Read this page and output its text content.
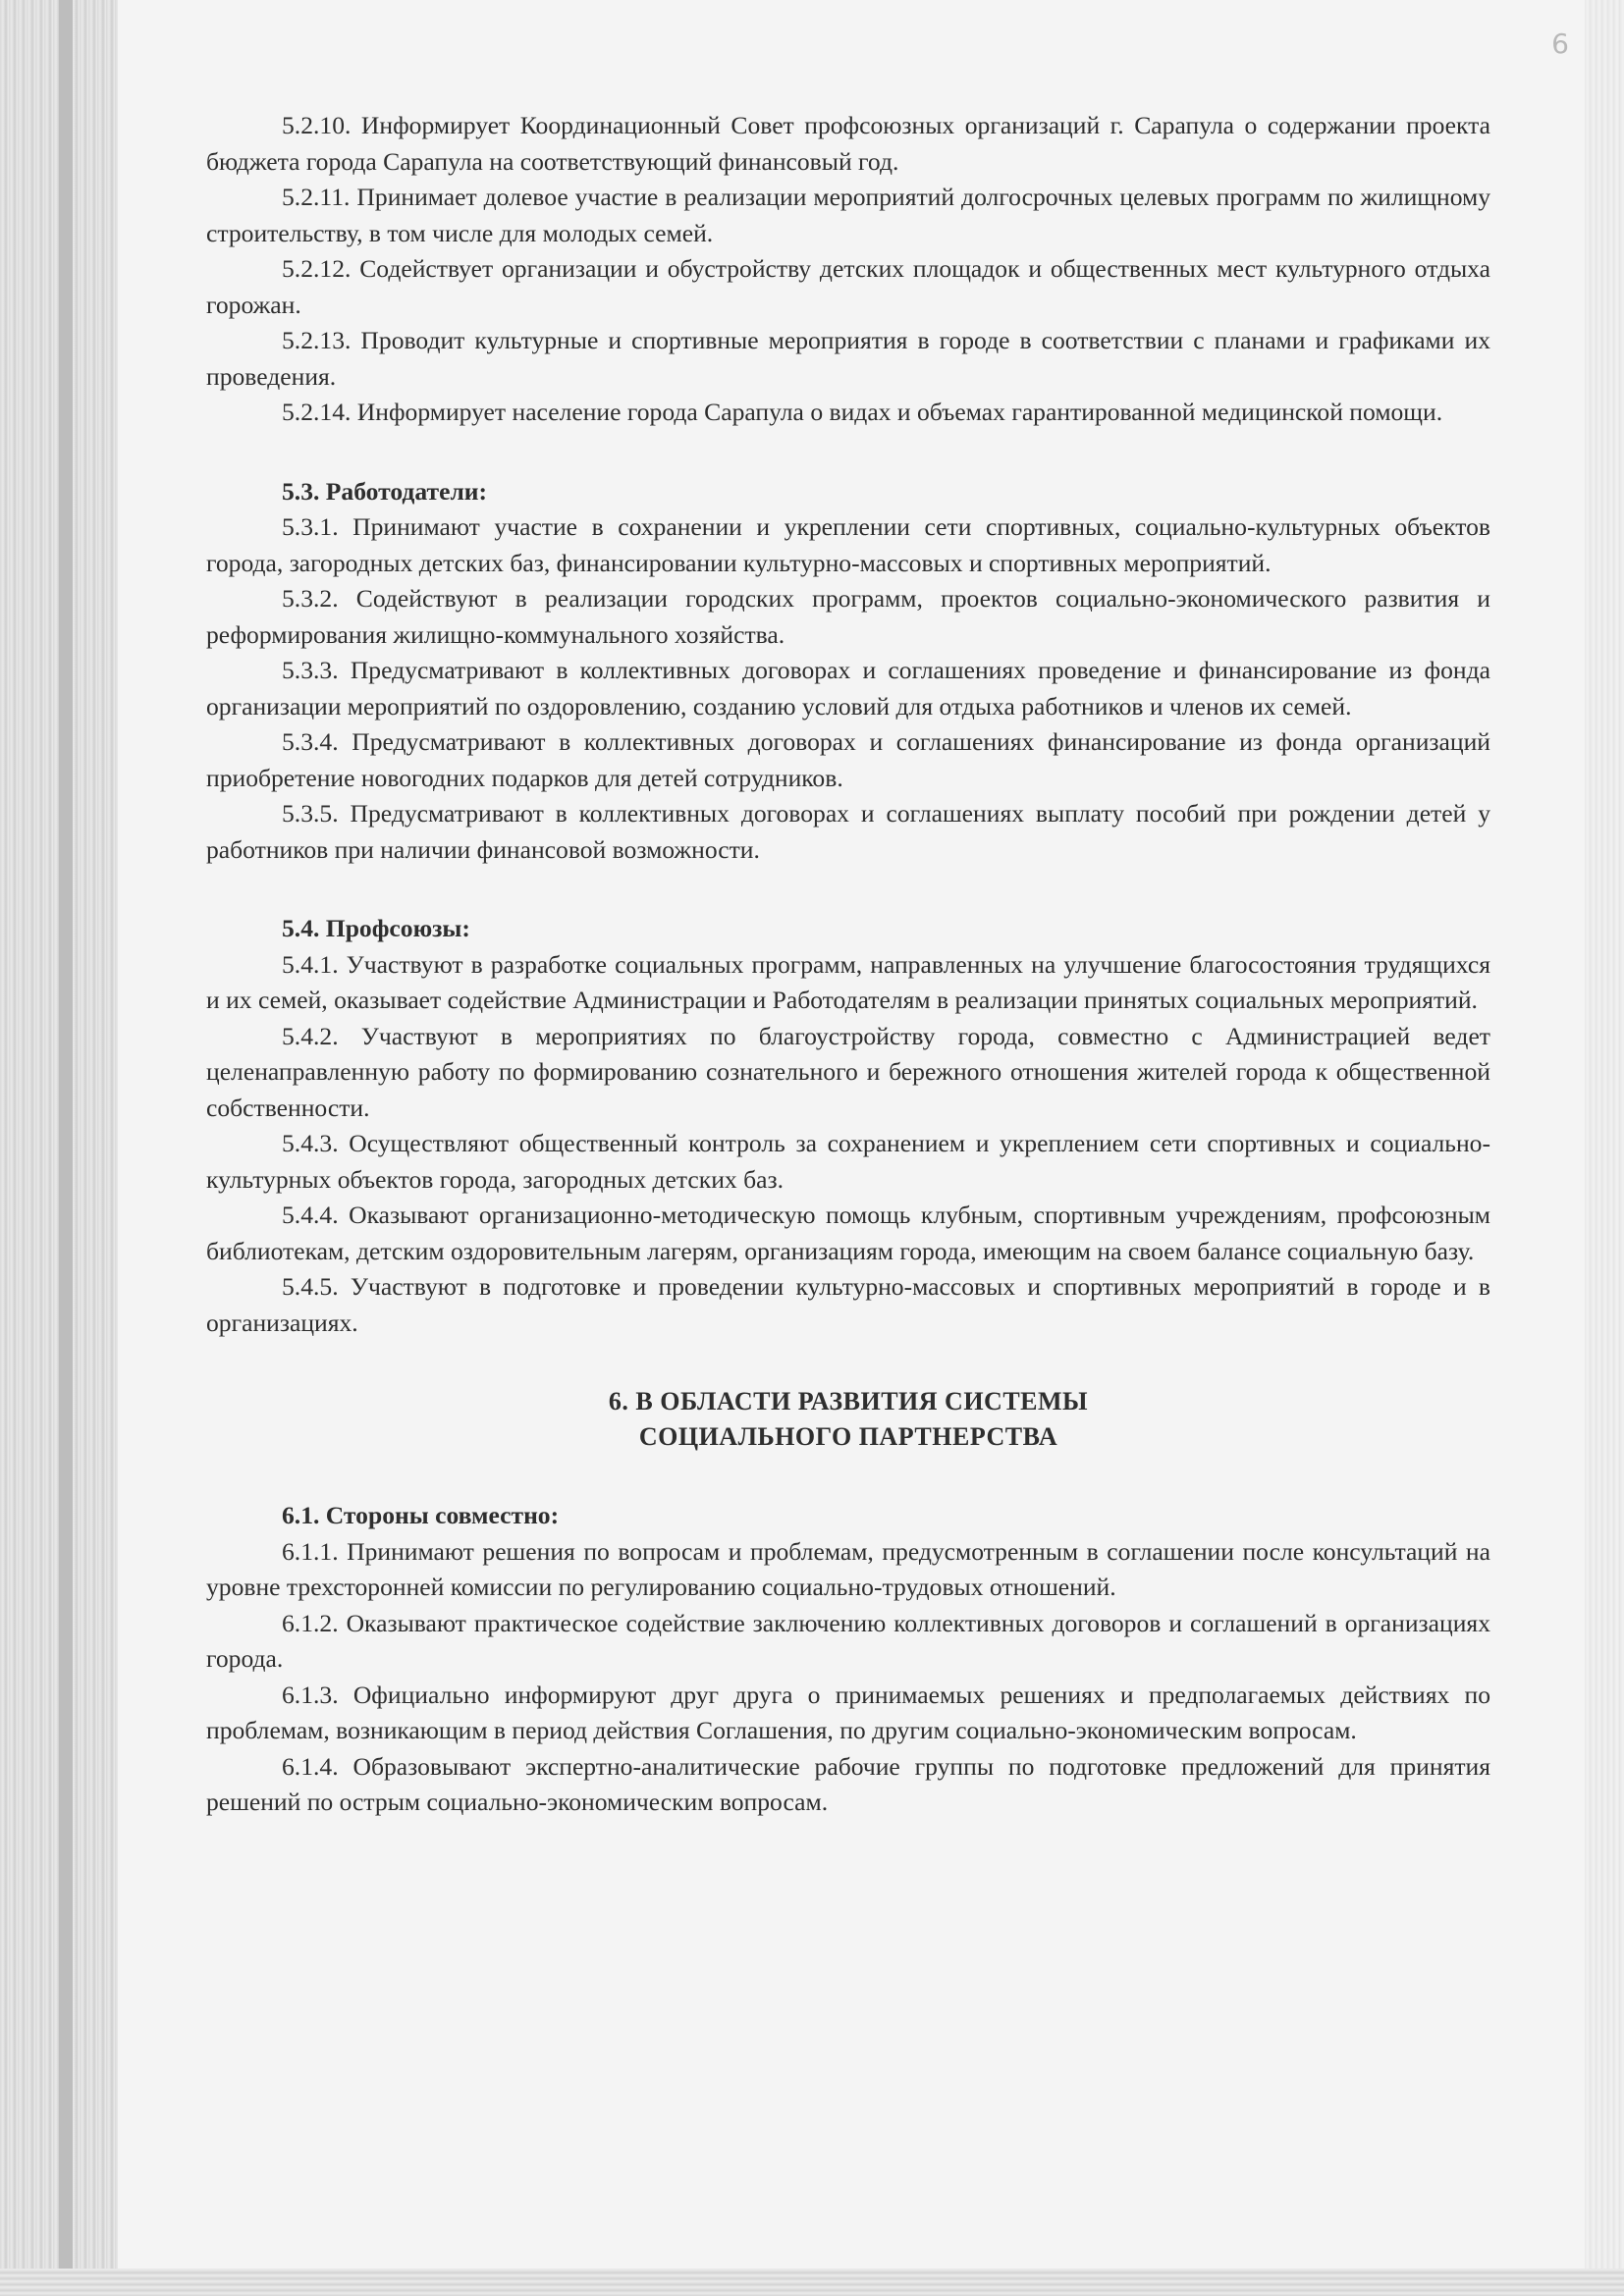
6

5.2.10. Информирует Координационный Совет профсоюзных организаций г. Сарапула о содержании проекта бюджета города Сарапула на соответствующий финансовый год.

5.2.11. Принимает долевое участие в реализации мероприятий долгосрочных целевых программ по жилищному строительству, в том числе для молодых семей.

5.2.12. Содействует организации и обустройству детских площадок и общественных мест культурного отдыха горожан.

5.2.13. Проводит культурные и спортивные мероприятия в городе в соответствии с планами и графиками их проведения.

5.2.14. Информирует население города Сарапула о видах и объемах гарантированной медицинской помощи.

5.3. Работодатели:

5.3.1. Принимают участие в сохранении и укреплении сети спортивных, социально-культурных объектов города, загородных детских баз, финансировании культурно-массовых и спортивных мероприятий.

5.3.2. Содействуют в реализации городских программ, проектов социально-экономического развития и реформирования жилищно-коммунального хозяйства.

5.3.3. Предусматривают в коллективных договорах и соглашениях проведение и финансирование из фонда организации мероприятий по оздоровлению, созданию условий для отдыха работников и членов их семей.

5.3.4. Предусматривают в коллективных договорах и соглашениях финансирование из фонда организаций приобретение новогодних подарков для детей сотрудников.

5.3.5. Предусматривают в коллективных договорах и соглашениях выплату пособий при рождении детей у работников при наличии финансовой возможности.

5.4. Профсоюзы:

5.4.1. Участвуют в разработке социальных программ, направленных на улучшение благосостояния трудящихся и их семей, оказывает содействие Администрации и Работодателям в реализации принятых социальных мероприятий.

5.4.2. Участвуют в мероприятиях по благоустройству города, совместно с Администрацией ведет целенаправленную работу по формированию сознательного и бережного отношения жителей города к общественной собственности.

5.4.3. Осуществляют общественный контроль за сохранением и укреплением сети спортивных и социально-культурных объектов города, загородных детских баз.

5.4.4. Оказывают организационно-методическую помощь клубным, спортивным учреждениям, профсоюзным библиотекам, детским оздоровительным лагерям, организациям города, имеющим на своем балансе социальную базу.

5.4.5. Участвуют в подготовке и проведении культурно-массовых и спортивных мероприятий в городе и в организациях.

6. В ОБЛАСТИ РАЗВИТИЯ СИСТЕМЫ

СОЦИАЛЬНОГО ПАРТНЕРСТВА

6.1. Стороны совместно:

6.1.1. Принимают решения по вопросам и проблемам, предусмотренным в соглашении после консультаций на уровне трехсторонней комиссии по регулированию социально-трудовых отношений.

6.1.2. Оказывают практическое содействие заключению коллективных договоров и соглашений в организациях города.

6.1.3. Официально информируют друг друга о принимаемых решениях и предполагаемых действиях по проблемам, возникающим в период действия Соглашения, по другим социально-экономическим вопросам.

6.1.4. Образовывают экспертно-аналитические рабочие группы по подготовке предложений для принятия решений по острым социально-экономическим вопросам.
